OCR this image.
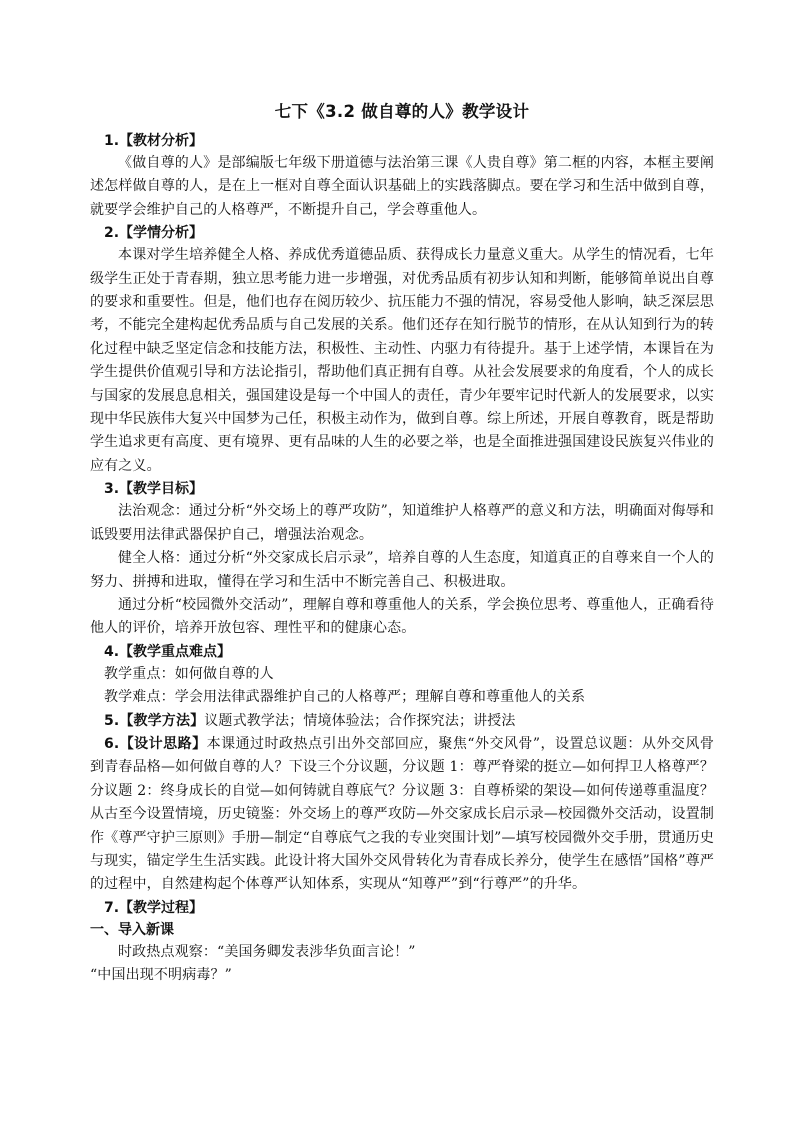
七下《3.2 做自尊的人》教学设计
1.【教材分析】

《做自尊的人》是部编版七年级下册道德与法治第三课《人贵自尊》第二框的内容，本框主要阐述怎样做自尊的人，是在上一框对自尊全面认识基础上的实践落脚点。要在学习和生活中做到自尊，就要学会维护自己的人格尊严，不断提升自己，学会尊重他人。

2.【学情分析】

本课对学生培养健全人格、养成优秀道德品质、获得成长力量意义重大。从学生的情况看，七年级学生正处于青春期，独立思考能力进一步增强，对优秀品质有初步认知和判断，能够简单说出自尊的要求和重要性。但是，他们也存在阅历较少、抗压能力不强的情况，容易受他人影响，缺乏深层思考，不能完全建构起优秀品质与自己发展的关系。他们还存在知行脱节的情形，在从认知到行为的转化过程中缺乏坚定信念和技能方法，积极性、主动性、内驱力有待提升。基于上述学情，本课旨在为学生提供价值观引导和方法论指引，帮助他们真正拥有自尊。从社会发展要求的角度看，个人的成长与国家的发展息息相关，强国建设是每一个中国人的责任，青少年要牢记时代新人的发展要求，以实现中华民族伟大复兴中国梦为己任，积极主动作为，做到自尊。综上所述，开展自尊教育，既是帮助学生追求更有高度、更有境界、更有品味的人生的必要之举，也是全面推进强国建设民族复兴伟业的应有之义。

3.【教学目标】

法治观念：通过分析“外交场上的尊严攻防”，知道维护人格尊严的意义和方法，明确面对侮辱和诋毁要用法律武器保护自己，增强法治观念。

健全人格：通过分析“外交家成长启示录”，培养自尊的人生态度，知道真正的自尊来自一个人的努力、拼搏和进取，懂得在学习和生活中不断完善自己、积极进取。

通过分析“校园微外交活动”，理解自尊和尊重他人的关系，学会换位思考、尊重他人，正确看待他人的评价，培养开放包容、理性平和的健康心态。

4.【教学重点难点】

教学重点：如何做自尊的人

教学难点：学会用法律武器维护自己的人格尊严；理解自尊和尊重他人的关系

5.【教学方法】议题式教学法；情境体验法；合作探究法；讲授法

6.【设计思路】本课通过时政热点引出外交部回应，聚焦“外交风骨”，设置总议题：从外交风骨到青春品格—如何做自尊的人？下设三个分议题，分议题 1：尊严脊梁的挺立—如何捍卫人格尊严？分议题 2：终身成长的自觉—如何铸就自尊底气？分议题 3：自尊桥梁的架设—如何传递尊重温度？从古至今设置情境，历史镜鉴：外交场上的尊严攻防—外交家成长启示录—校园微外交活动，设置制作《尊严守护三原则》手册—制定“自尊底气之我的专业突围计划”—填写校园微外交手册，贯通历史与现实，锚定学生生活实践。此设计将大国外交风骨转化为青春成长养分，使学生在感悟”国格”尊严的过程中，自然建构起个体尊严认知体系，实现从“知尊严”到“行尊严”的升华。

7.【教学过程】
一、导入新课

时政热点观察：“美国务卿发表涉华负面言论！”

“中国出现不明病毒？”
